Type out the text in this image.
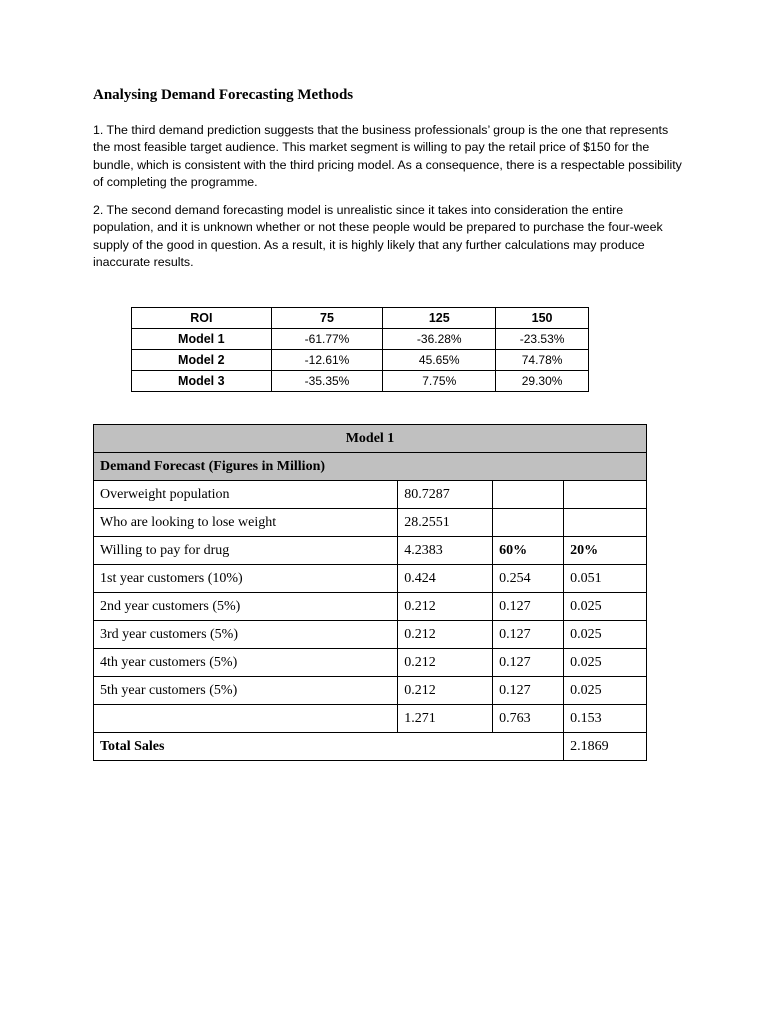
Analysing Demand Forecasting Methods

1. The third demand prediction suggests that the business professionals’ group is the one that represents the most feasible target audience. This market segment is willing to pay the retail price of $150 for the bundle, which is consistent with the third pricing model. As a consequence, there is a respectable possibility of completing the programme.

2. The second demand forecasting model is unrealistic since it takes into consideration the entire population, and it is unknown whether or not these people would be prepared to purchase the four-week supply of the good in question. As a result, it is highly likely that any further calculations may produce inaccurate results.

ROI	75	125	150
Model 1	-61.77%	-36.28%	-23.53%
Model 2	-12.61%	45.65%	74.78%
Model 3	-35.35%	7.75%	29.30%
Model 1			
Demand Forecast (Figures in Million)			
Overweight population	80.7287		
Who are looking to lose weight	28.2551		
Willing to pay for drug	4.2383	60%	20%
1st year customers (10%)	0.424	0.254	0.051
2nd year customers (5%)	0.212	0.127	0.025
3rd year customers (5%)	0.212	0.127	0.025
4th year customers (5%)	0.212	0.127	0.025
5th year customers (5%)	0.212	0.127	0.025
	1.271	0.763	0.153
Total Sales			2.1869
